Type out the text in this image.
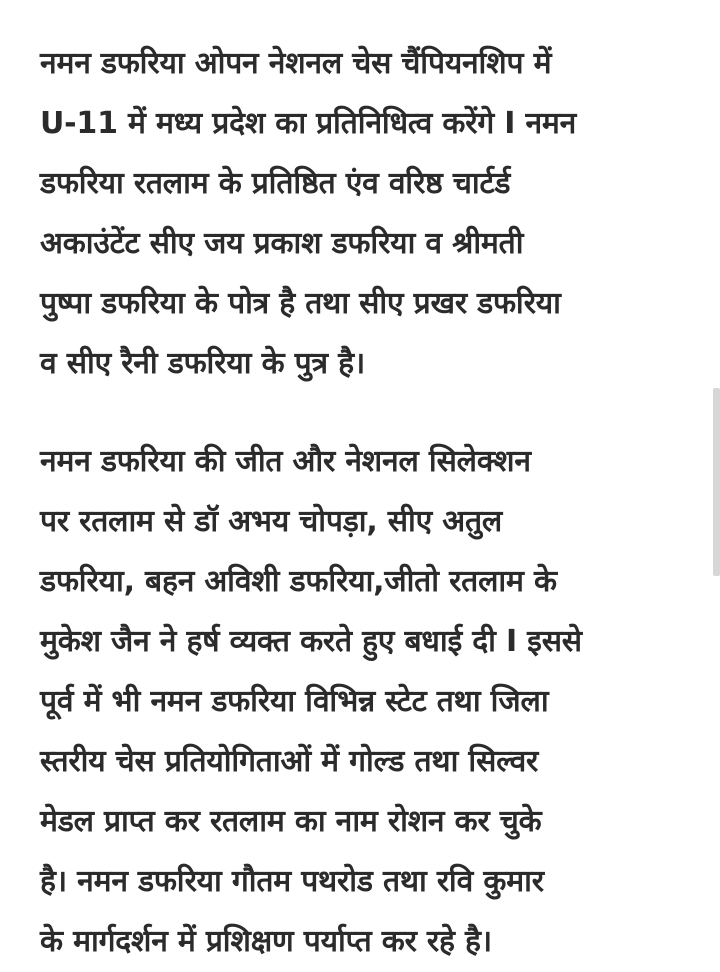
नमन डफरिया ओपन नेशनल चेस चैंपियनशिप में
U-11 में मध्य प्रदेश का प्रतिनिधित्व करेंगे I नमन
डफरिया रतलाम के प्रतिष्ठित एंव वरिष्ठ चार्टर्ड
अकाउंटेंट सीए जय प्रकाश डफरिया व श्रीमती
पुष्पा डफरिया के पोत्र है तथा सीए प्रखर डफरिया
व सीए रैनी डफरिया के पुत्र है।

नमन डफरिया की जीत और नेशनल सिलेक्शन
पर रतलाम से डॉ अभय चोपड़ा, सीए अतुल
डफरिया, बहन अविशी डफरिया,जीतो रतलाम के
मुकेश जैन ने हर्ष व्यक्त करते हुए बधाई दी I इससे
पूर्व में भी नमन डफरिया विभिन्न स्टेट तथा जिला
स्तरीय चेस प्रतियोगिताओं में गोल्ड तथा सिल्वर
मेडल प्राप्त कर रतलाम का नाम रोशन कर चुके
है। नमन डफरिया गौतम पथरोड तथा रवि कुमार
के मार्गदर्शन में प्रशिक्षण पर्याप्त कर रहे है।
